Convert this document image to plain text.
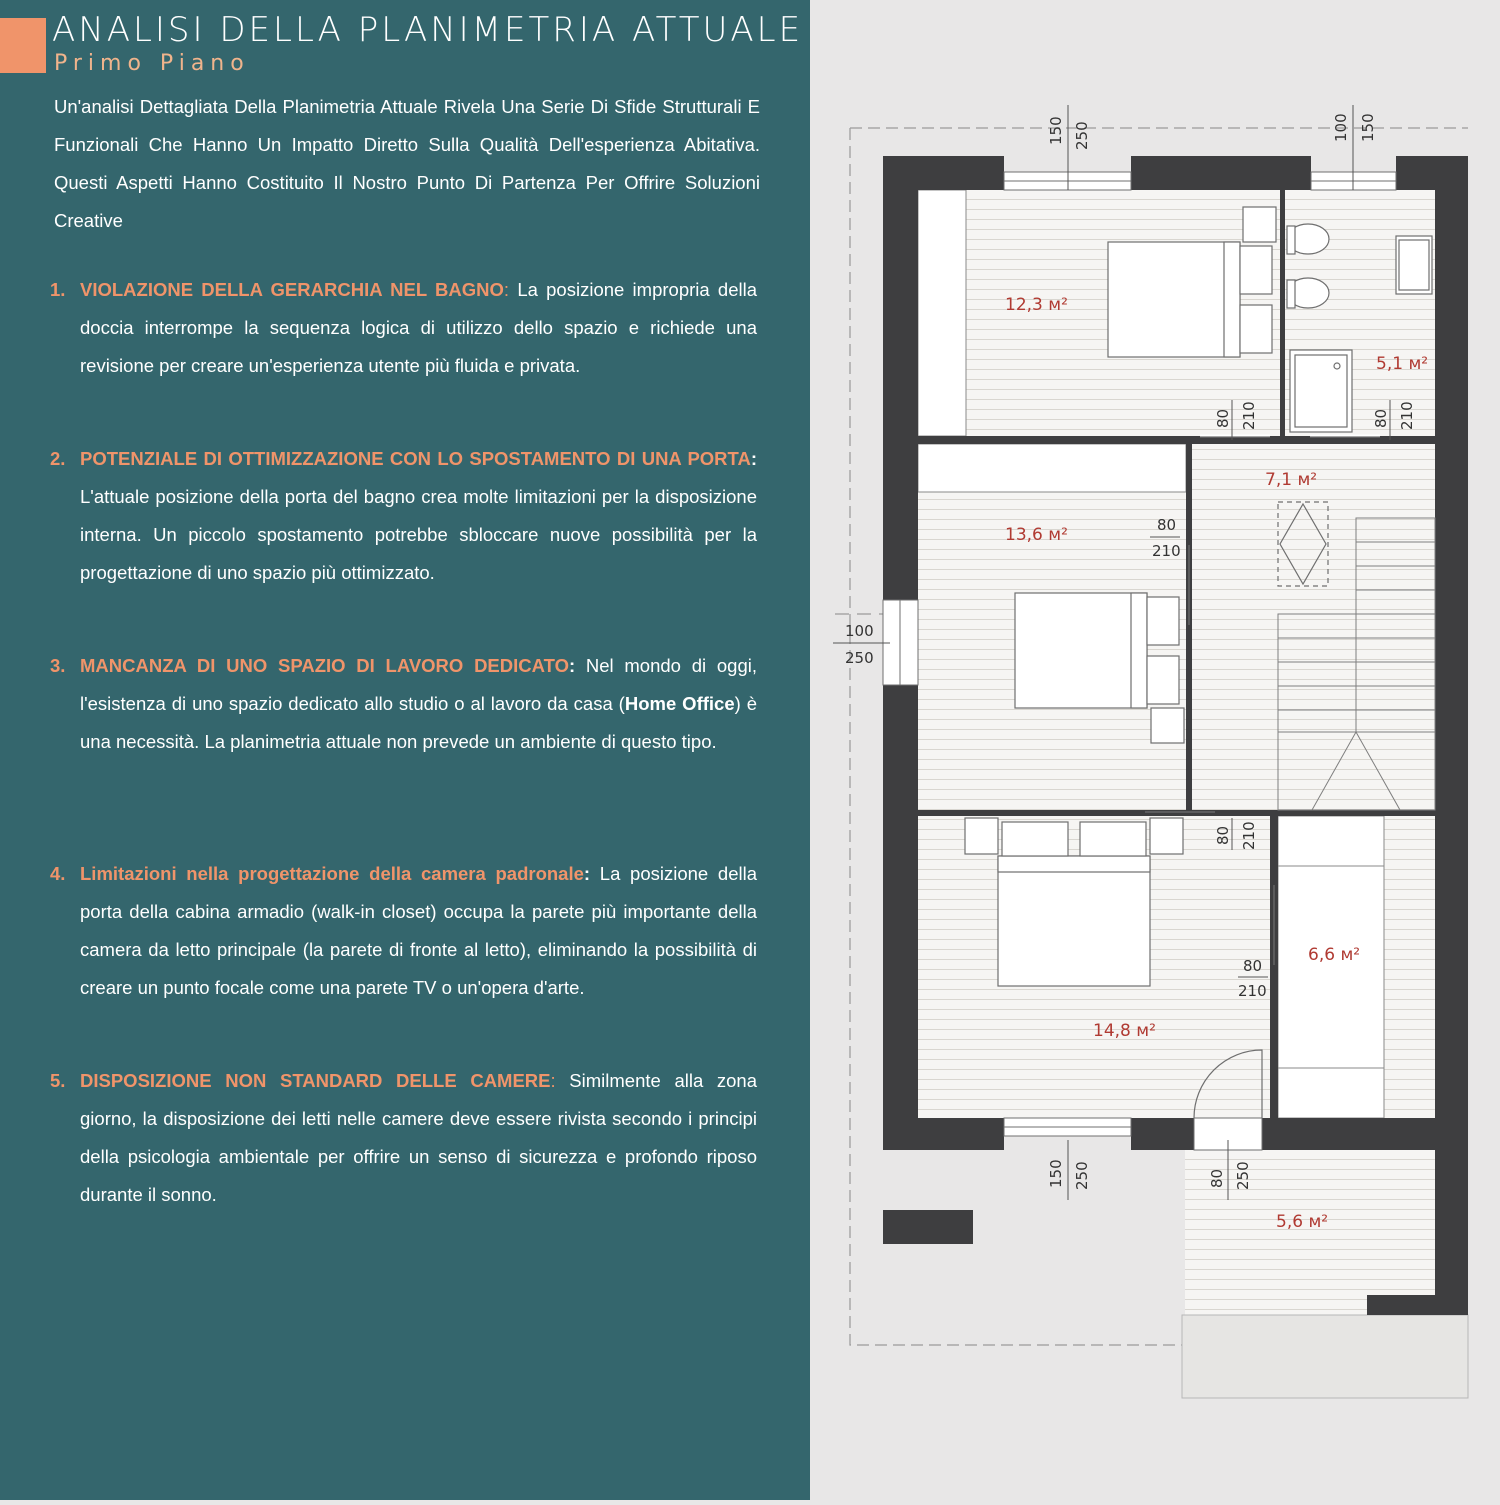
ANALISI DELLA PLANIMETRIA ATTUALE
Primo Piano
Un'analisi Dettagliata Della Planimetria Attuale Rivela Una Serie Di Sfide Strutturali E Funzionali Che Hanno Un Impatto Diretto Sulla Qualità Dell'esperienza Abitativa. Questi Aspetti Hanno Costituito Il Nostro Punto Di Partenza Per Offrire Soluzioni Creative
1. VIOLAZIONE DELLA GERARCHIA NEL BAGNO: La posizione impropria della doccia interrompe la sequenza logica di utilizzo dello spazio e richiede una revisione per creare un'esperienza utente più fluida e privata.
2. POTENZIALE DI OTTIMIZZAZIONE CON LO SPOSTAMENTO DI UNA PORTA: L'attuale posizione della porta del bagno crea molte limitazioni per la disposizione interna. Un piccolo spostamento potrebbe sbloccare nuove possibilità per la progettazione di uno spazio più ottimizzato.
3. MANCANZA DI UNO SPAZIO DI LAVORO DEDICATO: Nel mondo di oggi, l'esistenza di uno spazio dedicato allo studio o al lavoro da casa (Home Office) è una necessità. La planimetria attuale non prevede un ambiente di questo tipo.
4. Limitazioni nella progettazione della camera padronale: La posizione della porta della cabina armadio (walk-in closet) occupa la parete più importante della camera da letto principale (la parete di fronte al letto), eliminando la possibilità di creare un punto focale come una parete TV o un'opera d'arte.
5. DISPOSIZIONE NON STANDARD DELLE CAMERE: Similmente alla zona giorno, la disposizione dei letti nelle camere deve essere rivista secondo i principi della psicologia ambientale per offrire un senso di sicurezza e profondo riposo durante il sonno.
150 250	100 150
80 210	80 210
80
210
100
250
80 210
80
210
150 250	80 250
12,3 м²
5,1 м²
7,1 м²
13,6 м²
6,6 м²
14,8 м²
5,6 м²
